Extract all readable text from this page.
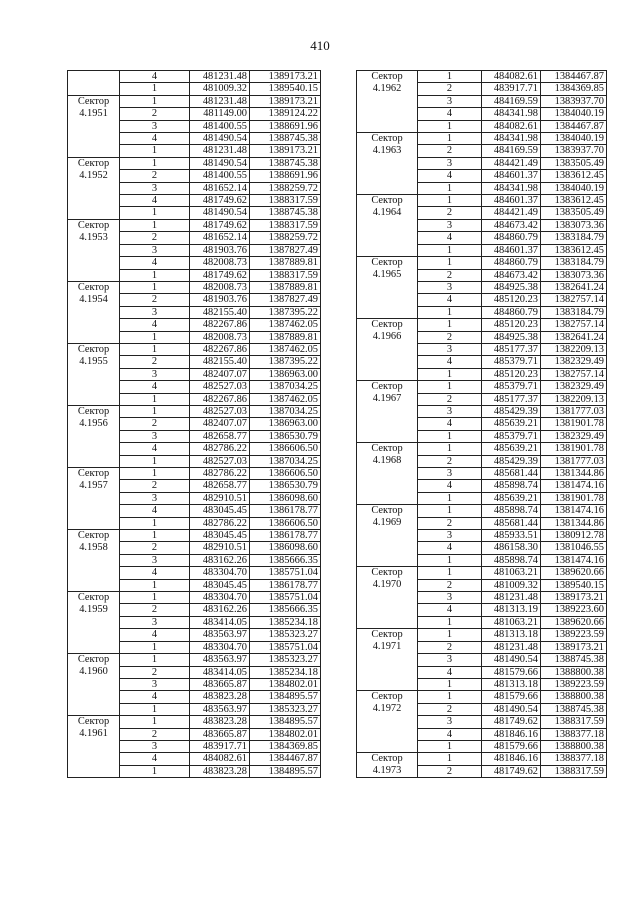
410
	4	481231.48	1389173.21
	1	481009.32	1389540.15

Сектор
4.1951	1	481231.48	1389173.21
	2	481149.00	1389124.22
	3	481400.55	1388691.96
	4	481490.54	1388745.38
	1	481231.48	1389173.21

Сектор
4.1952	1	481490.54	1388745.38
	2	481400.55	1388691.96
	3	481652.14	1388259.72
	4	481749.62	1388317.59
	1	481490.54	1388745.38

Сектор
4.1953	1	481749.62	1388317.59
	2	481652.14	1388259.72
	3	481903.76	1387827.49
	4	482008.73	1387889.81
	1	481749.62	1388317.59

Сектор
4.1954	1	482008.73	1387889.81
	2	481903.76	1387827.49
	3	482155.40	1387395.22
	4	482267.86	1387462.05
	1	482008.73	1387889.81

Сектор
4.1955	1	482267.86	1387462.05
	2	482155.40	1387395.22
	3	482407.07	1386963.00
	4	482527.03	1387034.25
	1	482267.86	1387462.05

Сектор
4.1956	1	482527.03	1387034.25
	2	482407.07	1386963.00
	3	482658.77	1386530.79
	4	482786.22	1386606.50
	1	482527.03	1387034.25

Сектор
4.1957	1	482786.22	1386606.50
	2	482658.77	1386530.79
	3	482910.51	1386098.60
	4	483045.45	1386178.77
	1	482786.22	1386606.50

Сектор
4.1958	1	483045.45	1386178.77
	2	482910.51	1386098.60
	3	483162.26	1385666.35
	4	483304.70	1385751.04
	1	483045.45	1386178.77

Сектор
4.1959	1	483304.70	1385751.04
	2	483162.26	1385666.35
	3	483414.05	1385234.18
	4	483563.97	1385323.27
	1	483304.70	1385751.04

Сектор
4.1960	1	483563.97	1385323.27
	2	483414.05	1385234.18
	3	483665.87	1384802.01
	4	483823.28	1384895.57
	1	483563.97	1385323.27

Сектор
4.1961	1	483823.28	1384895.57
	2	483665.87	1384802.01
	3	483917.71	1384369.85
	4	484082.61	1384467.87
	1	483823.28	1384895.57
Сектор
4.1962	1	484082.61	1384467.87
	2	483917.71	1384369.85
	3	484169.59	1383937.70
	4	484341.98	1384040.19
	1	484082.61	1384467.87

Сектор
4.1963	1	484341.98	1384040.19
	2	484169.59	1383937.70
	3	484421.49	1383505.49
	4	484601.37	1383612.45
	1	484341.98	1384040.19

Сектор
4.1964	1	484601.37	1383612.45
	2	484421.49	1383505.49
	3	484673.42	1383073.36
	4	484860.79	1383184.79
	1	484601.37	1383612.45

Сектор
4.1965	1	484860.79	1383184.79
	2	484673.42	1383073.36
	3	484925.38	1382641.24
	4	485120.23	1382757.14
	1	484860.79	1383184.79

Сектор
4.1966	1	485120.23	1382757.14
	2	484925.38	1382641.24
	3	485177.37	1382209.13
	4	485379.71	1382329.49
	1	485120.23	1382757.14

Сектор
4.1967	1	485379.71	1382329.49
	2	485177.37	1382209.13
	3	485429.39	1381777.03
	4	485639.21	1381901.78
	1	485379.71	1382329.49

Сектор
4.1968	1	485639.21	1381901.78
	2	485429.39	1381777.03
	3	485681.44	1381344.86
	4	485898.74	1381474.16
	1	485639.21	1381901.78

Сектор
4.1969	1	485898.74	1381474.16
	2	485681.44	1381344.86
	3	485933.51	1380912.78
	4	486158.30	1381046.55
	1	485898.74	1381474.16

Сектор
4.1970	1	481063.21	1389620.66
	2	481009.32	1389540.15
	3	481231.48	1389173.21
	4	481313.19	1389223.60
	1	481063.21	1389620.66

Сектор
4.1971	1	481313.18	1389223.59
	2	481231.48	1389173.21
	3	481490.54	1388745.38
	4	481579.66	1388800.38
	1	481313.18	1389223.59

Сектор
4.1972	1	481579.66	1388800.38
	2	481490.54	1388745.38
	3	481749.62	1388317.59
	4	481846.16	1388377.18
	1	481579.66	1388800.38

Сектор
4.1973	1	481846.16	1388377.18
	2	481749.62	1388317.59
